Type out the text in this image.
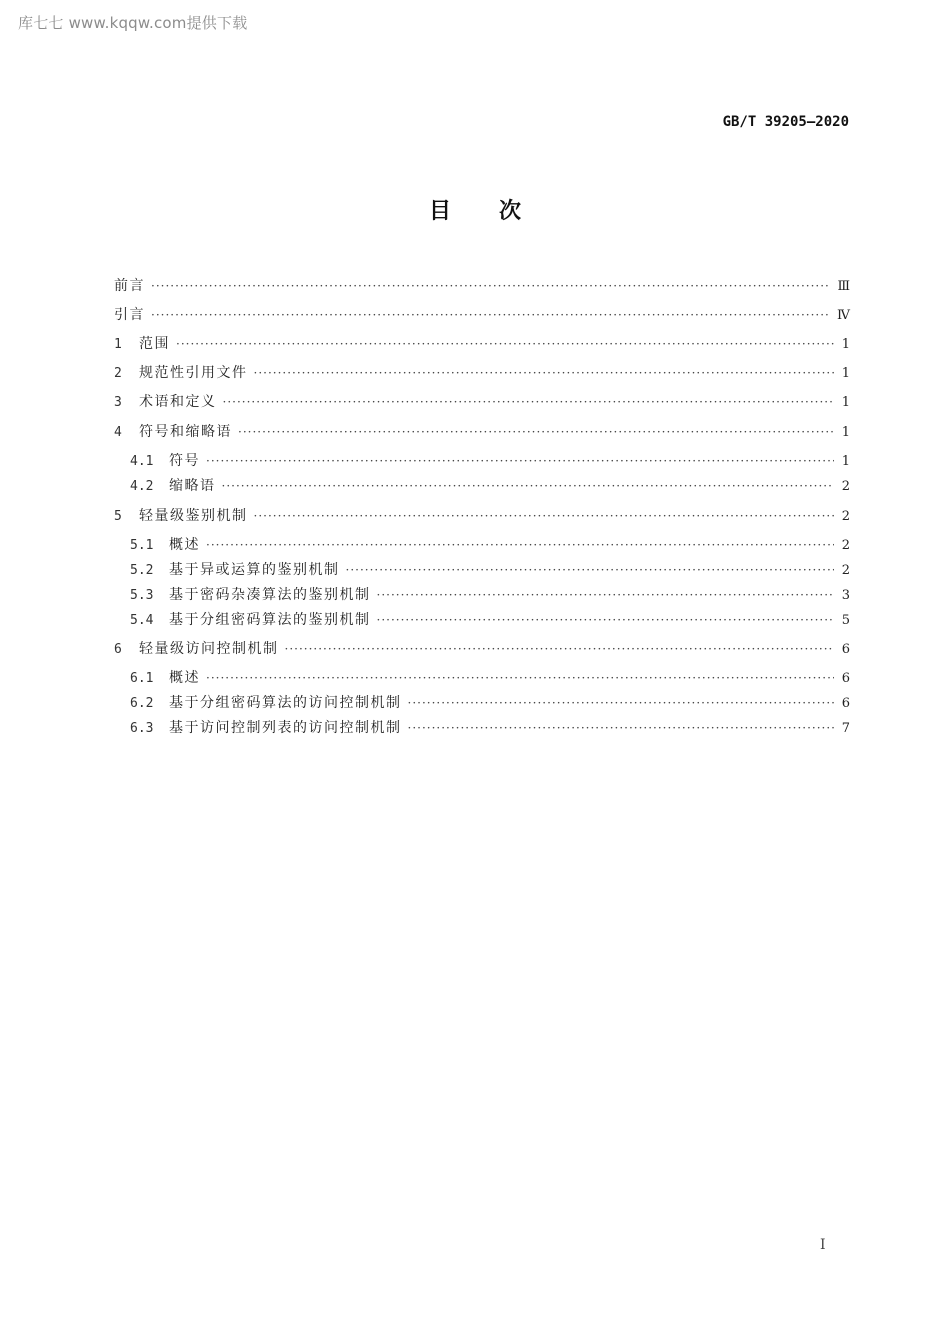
库七七 www.kqqw.com提供下载
GB/T 39205—2020
目次
前言 ·····	Ⅲ
引言 ·····	Ⅳ
1	范围 ·····	1
2	规范性引用文件 ·····	1
3	术语和定义 ·····	1
4	符号和缩略语 ·····	1
4.1	符号 ·····	1
4.2	缩略语 ·····	2
5	轻量级鉴别机制 ·····	2
5.1	概述 ·····	2
5.2	基于异或运算的鉴别机制 ·····	2
5.3	基于密码杂凑算法的鉴别机制 ·····	3
5.4	基于分组密码算法的鉴别机制 ·····	5
6	轻量级访问控制机制 ·····	6
6.1	概述 ·····	6
6.2	基于分组密码算法的访问控制机制 ·····	6
6.3	基于访问控制列表的访问控制机制 ·····	7
I
